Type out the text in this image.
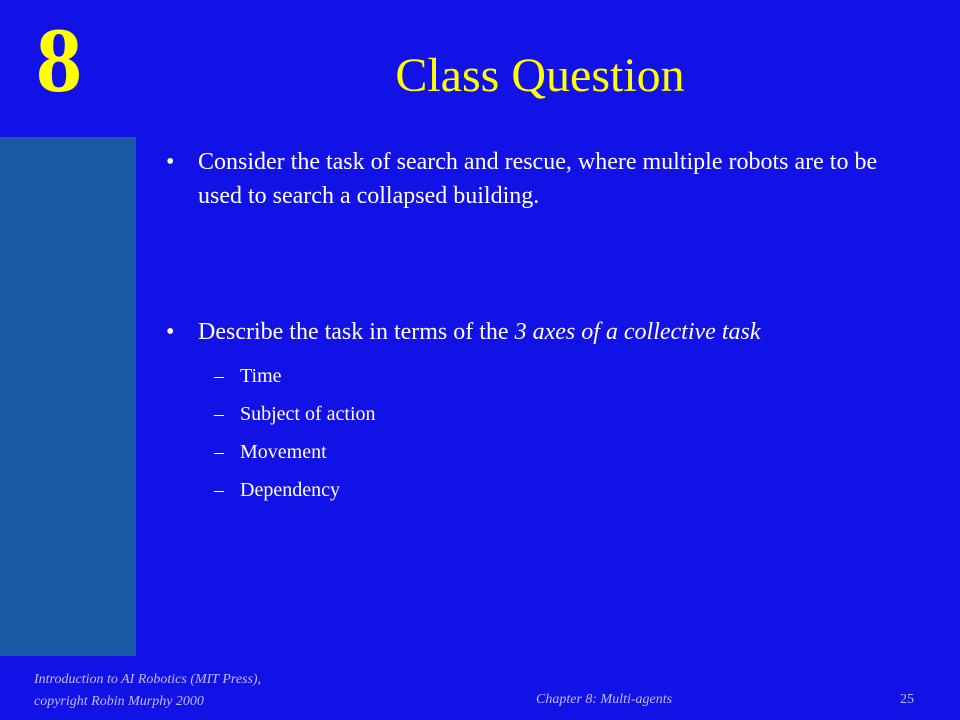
8	Class Question

• Consider the task of search and rescue, where multiple robots are to be used to search a collapsed building.

• Describe the task in terms of the 3 axes of a collective task
– Time
– Subject of action
– Movement
– Dependency
Introduction to AI Robotics (MIT Press),
copyright Robin Murphy 2000	Chapter 8: Multi-agents	25
